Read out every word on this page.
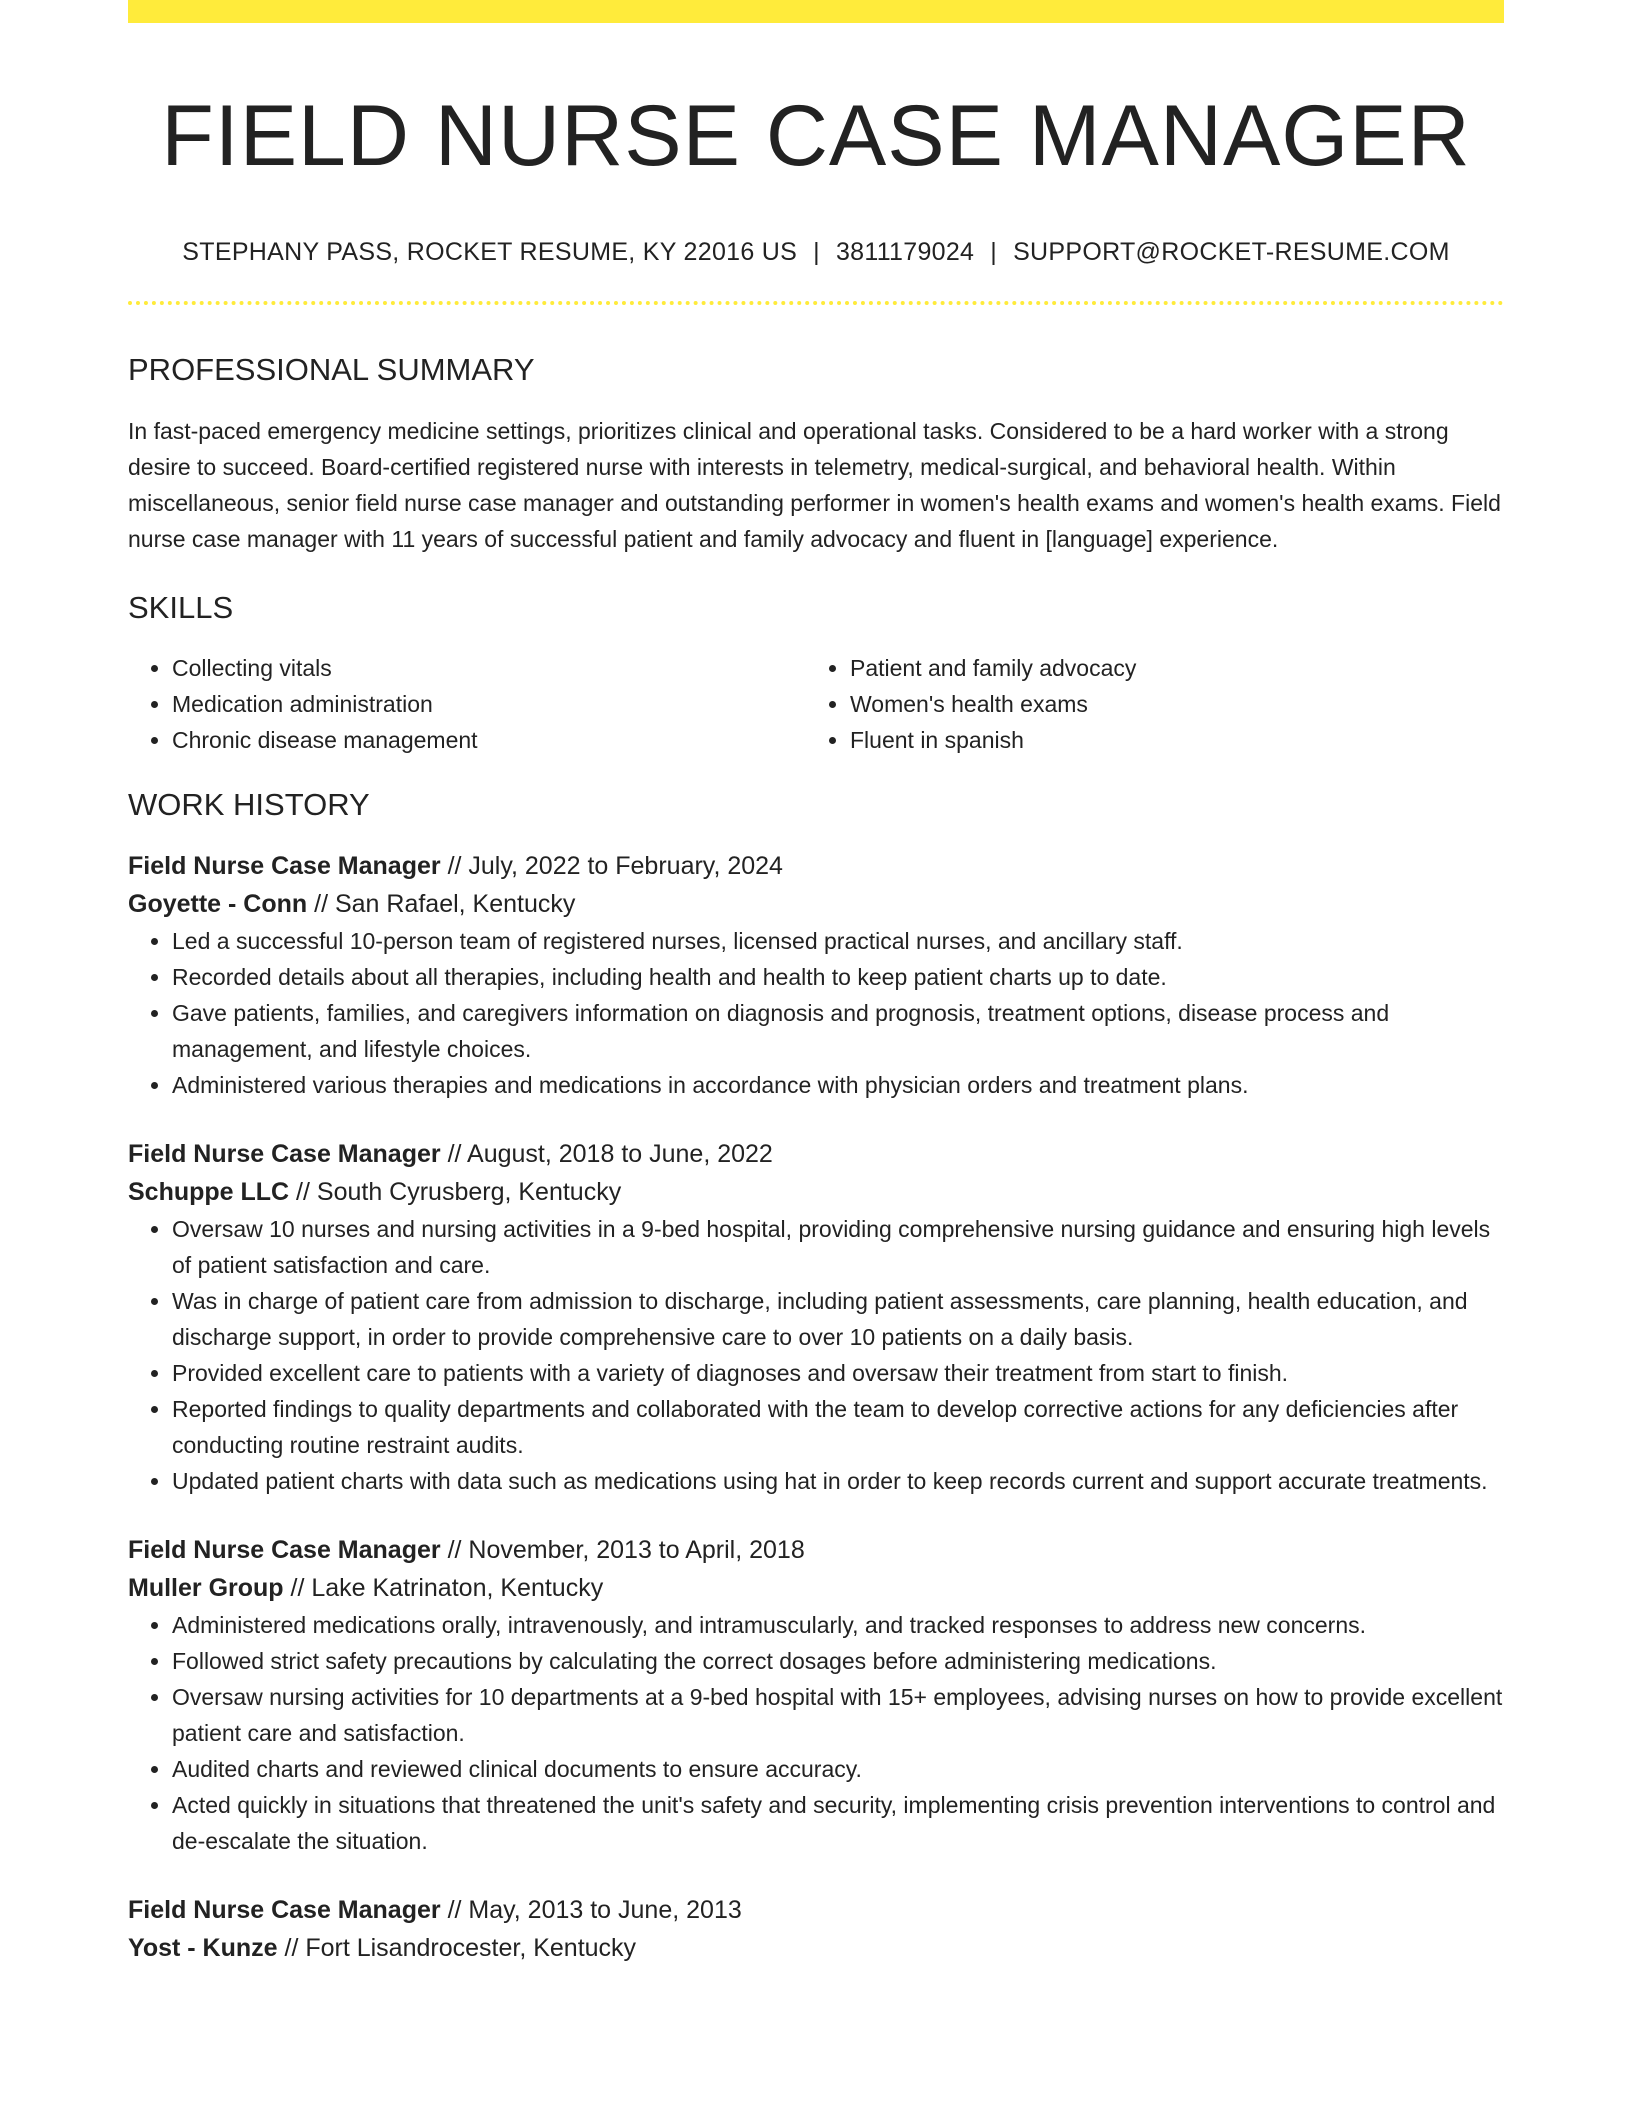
FIELD NURSE CASE MANAGER
STEPHANY PASS, ROCKET RESUME, KY 22016 US | 3811179024 | SUPPORT@ROCKET-RESUME.COM
PROFESSIONAL SUMMARY
In fast-paced emergency medicine settings, prioritizes clinical and operational tasks. Considered to be a hard worker with a strong desire to succeed. Board-certified registered nurse with interests in telemetry, medical-surgical, and behavioral health. Within miscellaneous, senior field nurse case manager and outstanding performer in women's health exams and women's health exams. Field nurse case manager with 11 years of successful patient and family advocacy and fluent in [language] experience.
SKILLS
• Collecting vitals
• Medication administration
• Chronic disease management
• Patient and family advocacy
• Women's health exams
• Fluent in spanish
WORK HISTORY
Field Nurse Case Manager // July, 2022 to February, 2024
Goyette - Conn // San Rafael, Kentucky
• Led a successful 10-person team of registered nurses, licensed practical nurses, and ancillary staff.
• Recorded details about all therapies, including health and health to keep patient charts up to date.
• Gave patients, families, and caregivers information on diagnosis and prognosis, treatment options, disease process and management, and lifestyle choices.
• Administered various therapies and medications in accordance with physician orders and treatment plans.
Field Nurse Case Manager // August, 2018 to June, 2022
Schuppe LLC // South Cyrusberg, Kentucky
• Oversaw 10 nurses and nursing activities in a 9-bed hospital, providing comprehensive nursing guidance and ensuring high levels of patient satisfaction and care.
• Was in charge of patient care from admission to discharge, including patient assessments, care planning, health education, and discharge support, in order to provide comprehensive care to over 10 patients on a daily basis.
• Provided excellent care to patients with a variety of diagnoses and oversaw their treatment from start to finish.
• Reported findings to quality departments and collaborated with the team to develop corrective actions for any deficiencies after conducting routine restraint audits.
• Updated patient charts with data such as medications using hat in order to keep records current and support accurate treatments.
Field Nurse Case Manager // November, 2013 to April, 2018
Muller Group // Lake Katrinaton, Kentucky
• Administered medications orally, intravenously, and intramuscularly, and tracked responses to address new concerns.
• Followed strict safety precautions by calculating the correct dosages before administering medications.
• Oversaw nursing activities for 10 departments at a 9-bed hospital with 15+ employees, advising nurses on how to provide excellent patient care and satisfaction.
• Audited charts and reviewed clinical documents to ensure accuracy.
• Acted quickly in situations that threatened the unit's safety and security, implementing crisis prevention interventions to control and de-escalate the situation.
Field Nurse Case Manager // May, 2013 to June, 2013
Yost - Kunze // Fort Lisandrocester, Kentucky
